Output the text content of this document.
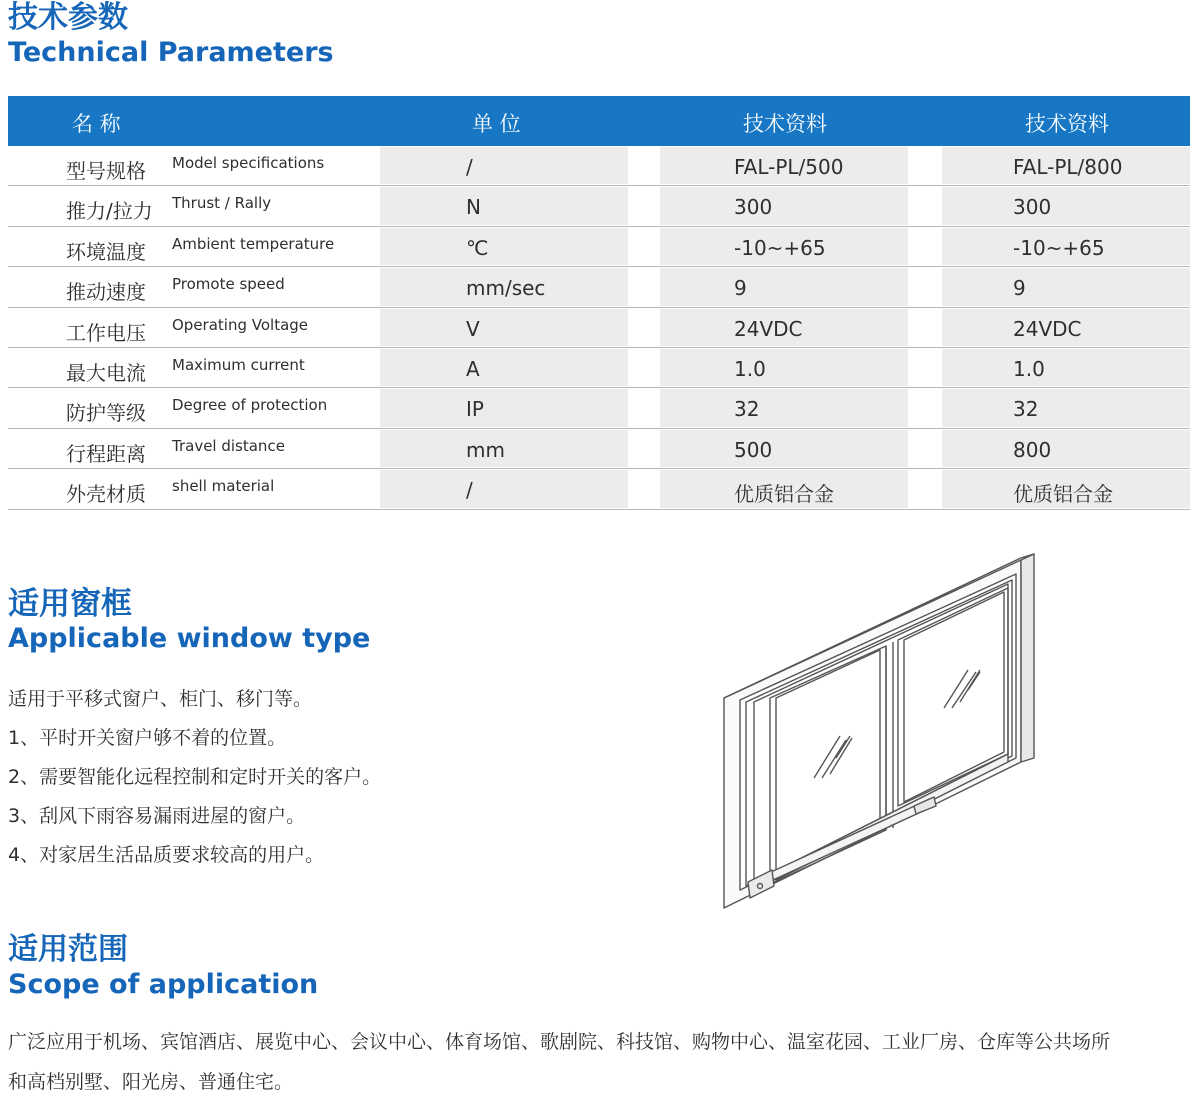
技术参数
Technical Parameters
名 称	单 位	技术资料	技术资料
型号规格 Model specifications	/	FAL-PL/500	FAL-PL/800
推力/拉力 Thrust / Rally	N	300	300
环境温度 Ambient temperature	℃	-10~+65	-10~+65
推动速度 Promote speed	mm/sec	9	9
工作电压 Operating Voltage	V	24VDC	24VDC
最大电流 Maximum current	A	1.0	1.0
防护等级 Degree of protection	IP	32	32
行程距离 Travel distance	mm	500	800
外壳材质 shell material	/	优质铝合金	优质铝合金
适用窗框
Applicable window type
适用于平移式窗户、柜门、移门等。
1、平时开关窗户够不着的位置。
2、需要智能化远程控制和定时开关的客户。
3、刮风下雨容易漏雨进屋的窗户。
4、对家居生活品质要求较高的用户。
适用范围
Scope of application
广泛应用于机场、宾馆酒店、展览中心、会议中心、体育场馆、歌剧院、科技馆、购物中心、温室花园、工业厂房、仓库等公共场所
和高档别墅、阳光房、普通住宅。
